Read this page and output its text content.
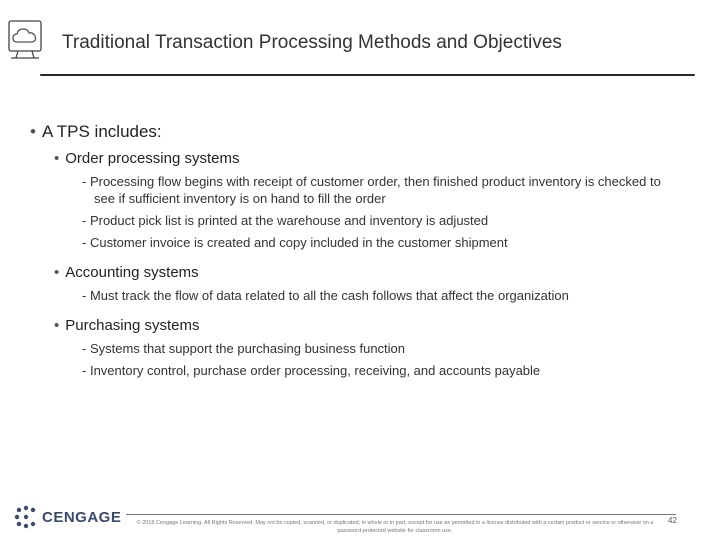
Traditional Transaction Processing Methods and Objectives
• A TPS includes:
• Order processing systems
- Processing flow begins with receipt of customer order, then finished product inventory is checked to see if sufficient inventory is on hand to fill the order
- Product pick list is printed at the warehouse and inventory is adjusted
- Customer invoice is created and copy included in the customer shipment
• Accounting systems
- Must track the flow of data related to all the cash follows that affect the organization
• Purchasing systems
- Systems that support the purchasing business function
- Inventory control, purchase order processing, receiving, and accounts payable
CENGAGE	© 2018 Cengage Learning. All Rights Reserved. May not be copied, scanned, or duplicated, in whole or in part, except for use as permitted in a license distributed with a certain product or service or otherwise on a password-protected website for classroom use.
42
